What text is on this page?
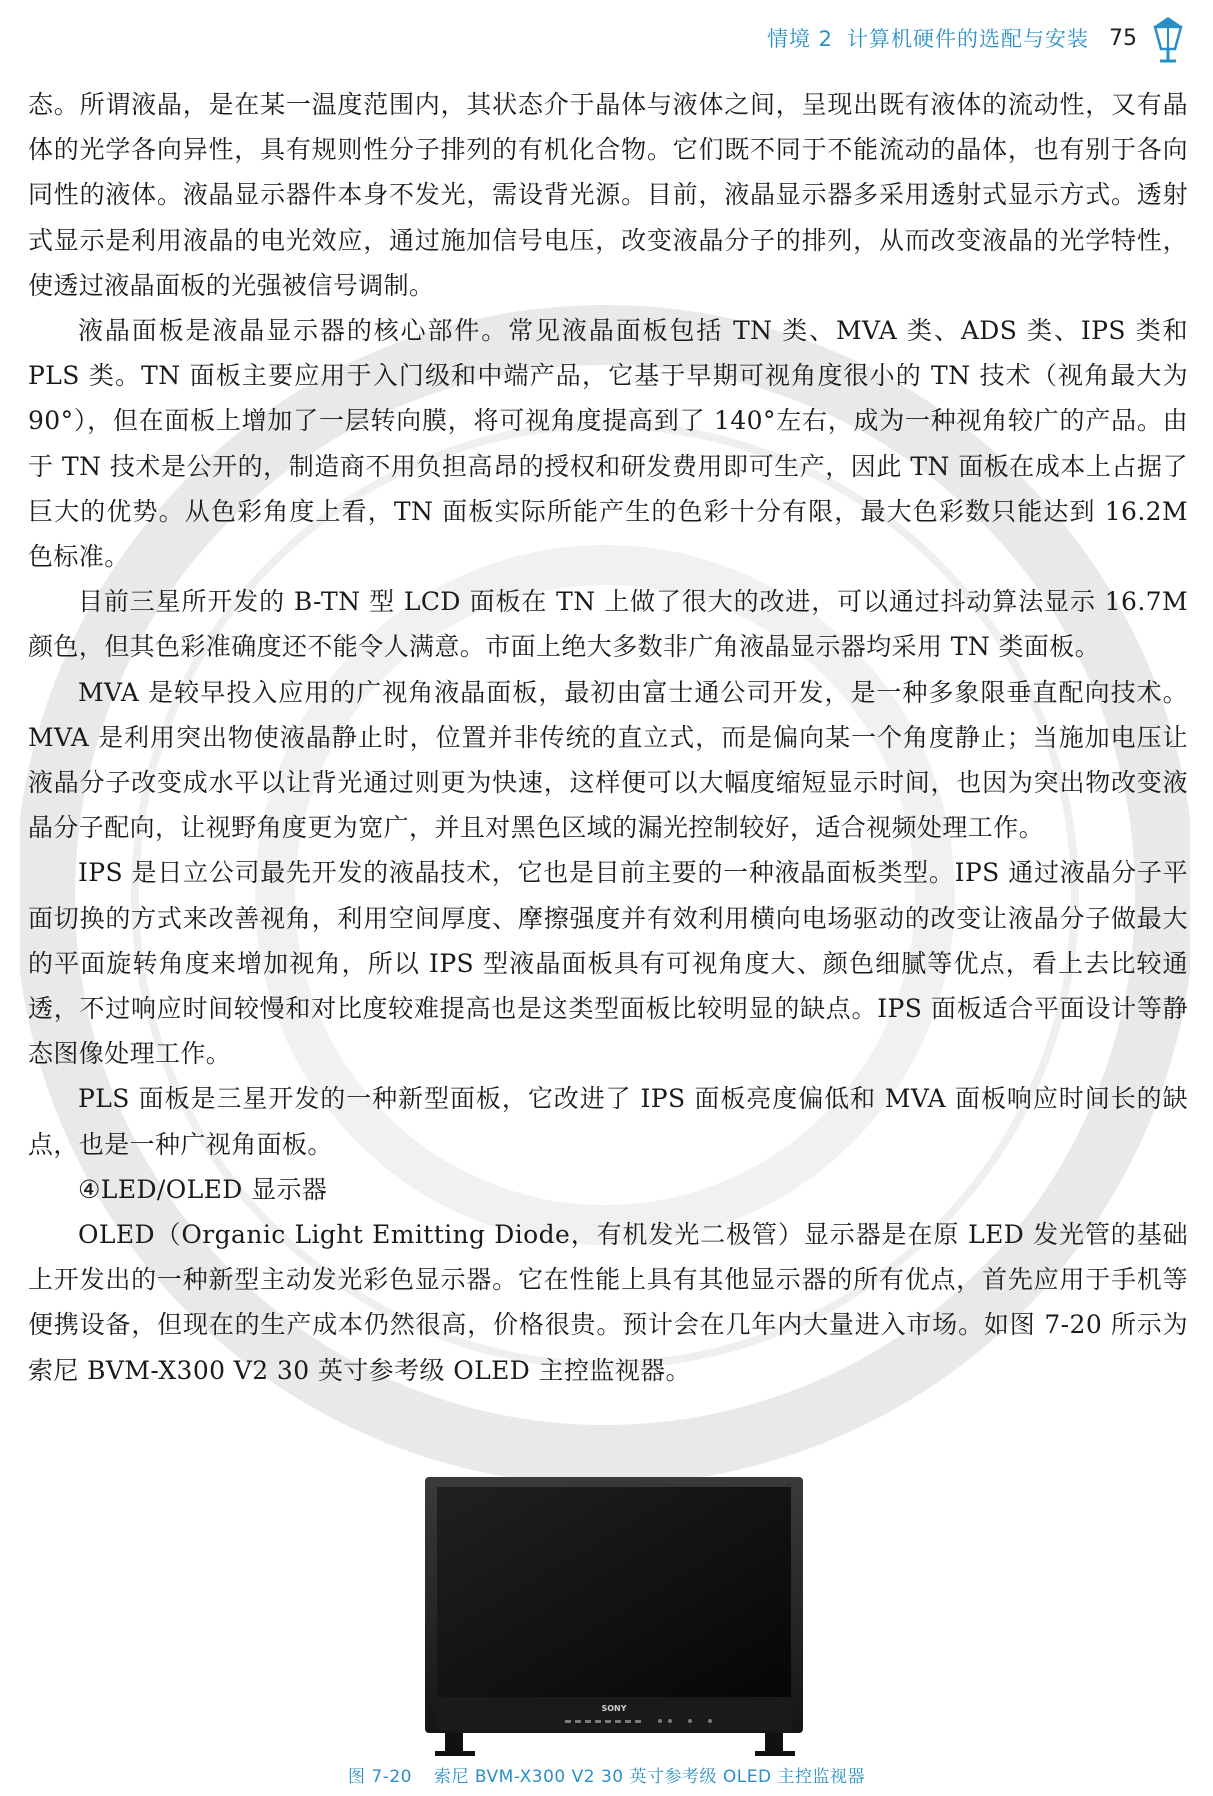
情境 2 计算机硬件的选配与安装 75

态。所谓液晶，是在某一温度范围内，其状态介于晶体与液体之间，呈现出既有液体的流动性，又有晶体的光学各向异性，具有规则性分子排列的有机化合物。它们既不同于不能流动的晶体，也有别于各向同性的液体。液晶显示器件本身不发光，需设背光源。目前，液晶显示器多采用透射式显示方式。透射式显示是利用液晶的电光效应，通过施加信号电压，改变液晶分子的排列，从而改变液晶的光学特性，使透过液晶面板的光强被信号调制。

液晶面板是液晶显示器的核心部件。常见液晶面板包括 TN 类、MVA 类、ADS 类、IPS 类和 PLS 类。TN 面板主要应用于入门级和中端产品，它基于早期可视角度很小的 TN 技术（视角最大为 90°），但在面板上增加了一层转向膜，将可视角度提高到了 140°左右，成为一种视角较广的产品。由于 TN 技术是公开的，制造商不用负担高昂的授权和研发费用即可生产，因此 TN 面板在成本上占据了巨大的优势。从色彩角度上看，TN 面板实际所能产生的色彩十分有限，最大色彩数只能达到 16.2M 色标准。

目前三星所开发的 B-TN 型 LCD 面板在 TN 上做了很大的改进，可以通过抖动算法显示 16.7M 颜色，但其色彩准确度还不能令人满意。市面上绝大多数非广角液晶显示器均采用 TN 类面板。

MVA 是较早投入应用的广视角液晶面板，最初由富士通公司开发，是一种多象限垂直配向技术。MVA 是利用突出物使液晶静止时，位置并非传统的直立式，而是偏向某一个角度静止；当施加电压让液晶分子改变成水平以让背光通过则更为快速，这样便可以大幅度缩短显示时间，也因为突出物改变液晶分子配向，让视野角度更为宽广，并且对黑色区域的漏光控制较好，适合视频处理工作。

IPS 是日立公司最先开发的液晶技术，它也是目前主要的一种液晶面板类型。IPS 通过液晶分子平面切换的方式来改善视角，利用空间厚度、摩擦强度并有效利用横向电场驱动的改变让液晶分子做最大的平面旋转角度来增加视角，所以 IPS 型液晶面板具有可视角度大、颜色细腻等优点，看上去比较通透，不过响应时间较慢和对比度较难提高也是这类型面板比较明显的缺点。IPS 面板适合平面设计等静态图像处理工作。

PLS 面板是三星开发的一种新型面板，它改进了 IPS 面板亮度偏低和 MVA 面板响应时间长的缺点，也是一种广视角面板。

④LED/OLED 显示器

OLED（Organic Light Emitting Diode，有机发光二极管）显示器是在原 LED 发光管的基础上开发出的一种新型主动发光彩色显示器。它在性能上具有其他显示器的所有优点，首先应用于手机等便携设备，但现在的生产成本仍然很高，价格很贵。预计会在几年内大量进入市场。如图 7-20 所示为索尼 BVM-X300 V2 30 英寸参考级 OLED 主控监视器。

SONY
图 7-20 索尼 BVM-X300 V2 30 英寸参考级 OLED 主控监视器
